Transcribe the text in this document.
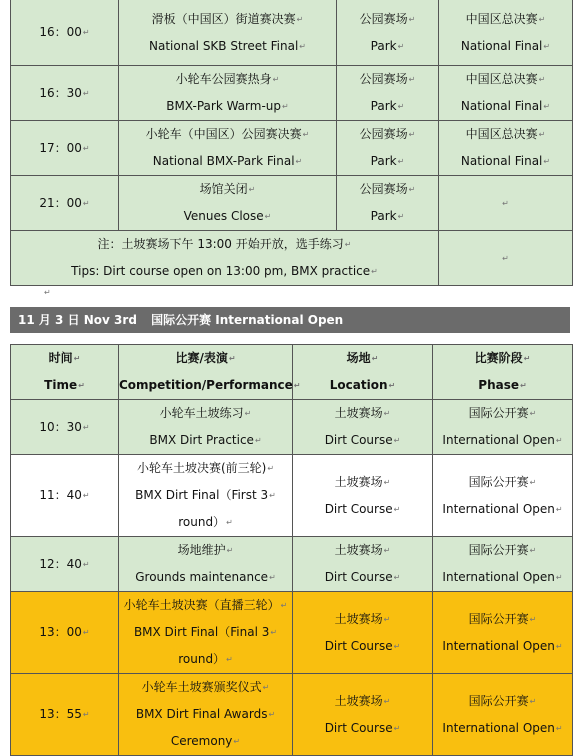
16：00 ↵	滑板（中国区）街道赛决赛 ↵
National SKB Street Final ↵	公园赛场 ↵
Park ↵	中国区总决赛 ↵
National Final ↵

16：30 ↵	小轮车公园赛热身 ↵
BMX-Park Warm-up ↵	公园赛场 ↵
Park ↵	中国区总决赛 ↵
National Final ↵

17：00 ↵	小轮车（中国区）公园赛决赛 ↵
National BMX-Park Final ↵	公园赛场 ↵
Park ↵	中国区总决赛 ↵
National Final ↵

21：00 ↵	场馆关闭 ↵
Venues Close ↵	公园赛场 ↵
Park ↵	↵

注：土坡赛场下午 13:00 开始开放，选手练习 ↵
Tips: Dirt course open on 13:00 pm, BMX practice ↵			↵
↵
11 月 3 日 Nov 3rd 国际公开赛 International Open
时间 ↵
Time ↵	比赛/表演 ↵
Competition/Performance ↵	场地 ↵
Location ↵	比赛阶段 ↵
Phase ↵

10：30 ↵	小轮车土坡练习 ↵
BMX Dirt Practice ↵	土坡赛场 ↵
Dirt Course ↵	国际公开赛 ↵
International Open ↵

11：40 ↵	小轮车土坡决赛(前三轮) ↵
BMX Dirt Final（First 3 ↵
round） ↵	土坡赛场 ↵
Dirt Course ↵	国际公开赛 ↵
International Open ↵

12：40 ↵	场地维护 ↵
Grounds maintenance ↵	土坡赛场 ↵
Dirt Course ↵	国际公开赛 ↵
International Open ↵

13：00 ↵	小轮车土坡决赛（直播三轮） ↵
BMX Dirt Final（Final 3 ↵
round） ↵	土坡赛场 ↵
Dirt Course ↵	国际公开赛 ↵
International Open ↵

13：55 ↵	小轮车土坡赛颁奖仪式 ↵
BMX Dirt Final Awards ↵
Ceremony ↵	土坡赛场 ↵
Dirt Course ↵	国际公开赛 ↵
International Open ↵
